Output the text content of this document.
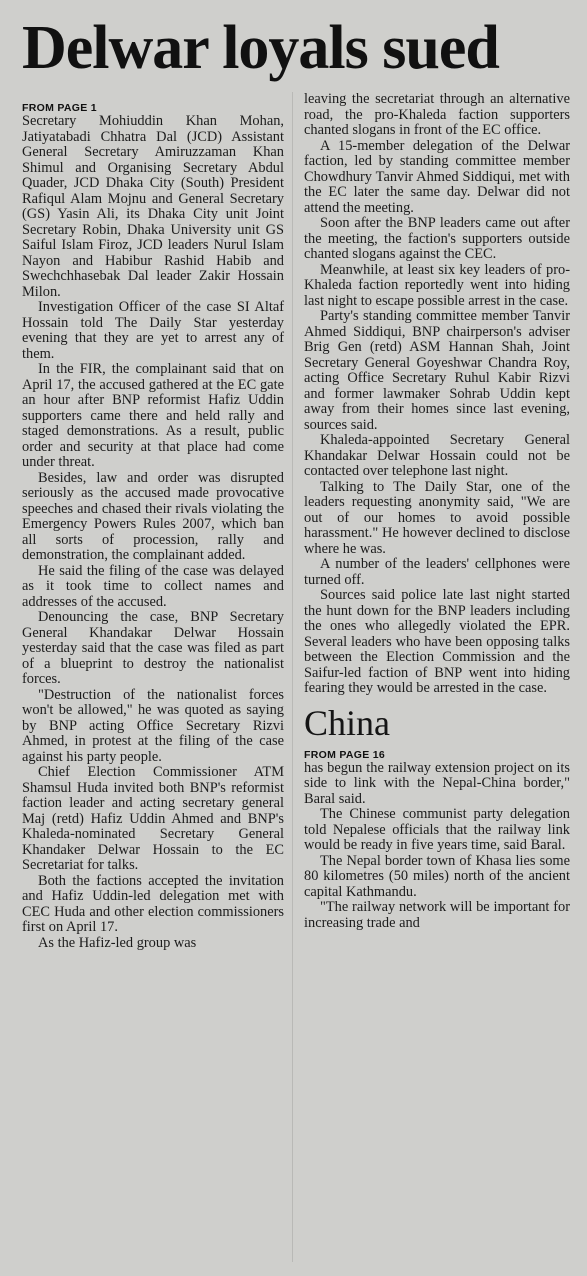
Delwar loyals sued
FROM PAGE 1

Secretary Mohiuddin Khan Mohan, Jatiyatabadi Chhatra Dal (JCD) Assistant General Secretary Amiruzzaman Khan Shimul and Organising Secretary Abdul Quader, JCD Dhaka City (South) President Rafiqul Alam Mojnu and General Secretary (GS) Yasin Ali, its Dhaka City unit Joint Secretary Robin, Dhaka University unit GS Saiful Islam Firoz, JCD leaders Nurul Islam Nayon and Habibur Rashid Habib and Swechchhasebak Dal leader Zakir Hossain Milon.

Investigation Officer of the case SI Altaf Hossain told The Daily Star yesterday evening that they are yet to arrest any of them.

In the FIR, the complainant said that on April 17, the accused gathered at the EC gate an hour after BNP reformist Hafiz Uddin supporters came there and held rally and staged demonstrations. As a result, public order and security at that place had come under threat.

Besides, law and order was disrupted seriously as the accused made provocative speeches and chased their rivals violating the Emergency Powers Rules 2007, which ban all sorts of procession, rally and demonstration, the complainant added.

He said the filing of the case was delayed as it took time to collect names and addresses of the accused.

Denouncing the case, BNP Secretary General Khandakar Delwar Hossain yesterday said that the case was filed as part of a blueprint to destroy the nationalist forces.

"Destruction of the nationalist forces won't be allowed," he was quoted as saying by BNP acting Office Secretary Rizvi Ahmed, in protest at the filing of the case against his party people.

Chief Election Commissioner ATM Shamsul Huda invited both BNP's reformist faction leader and acting secretary general Maj (retd) Hafiz Uddin Ahmed and BNP's Khaleda-nominated Secretary General Khandaker Delwar Hossain to the EC Secretariat for talks.

Both the factions accepted the invitation and Hafiz Uddin-led delegation met with CEC Huda and other election commissioners first on April 17.

As the Hafiz-led group was

leaving the secretariat through an alternative road, the pro-Khaleda faction supporters chanted slogans in front of the EC office.

A 15-member delegation of the Delwar faction, led by standing committee member Chowdhury Tanvir Ahmed Siddiqui, met with the EC later the same day. Delwar did not attend the meeting.

Soon after the BNP leaders came out after the meeting, the faction's supporters outside chanted slogans against the CEC.

Meanwhile, at least six key leaders of pro-Khaleda faction reportedly went into hiding last night to escape possible arrest in the case.

Party's standing committee member Tanvir Ahmed Siddiqui, BNP chairperson's adviser Brig Gen (retd) ASM Hannan Shah, Joint Secretary General Goyeshwar Chandra Roy, acting Office Secretary Ruhul Kabir Rizvi and former lawmaker Sohrab Uddin kept away from their homes since last evening, sources said.

Khaleda-appointed Secretary General Khandakar Delwar Hossain could not be contacted over telephone last night.

Talking to The Daily Star, one of the leaders requesting anonymity said, "We are out of our homes to avoid possible harassment." He however declined to disclose where he was.

A number of the leaders' cellphones were turned off.

Sources said police late last night started the hunt down for the BNP leaders including the ones who allegedly violated the EPR. Several leaders who have been opposing talks between the Election Commission and the Saifur-led faction of BNP went into hiding fearing they would be arrested in the case.

China
FROM PAGE 16

has begun the railway extension project on its side to link with the Nepal-China border," Baral said.

The Chinese communist party delegation told Nepalese officials that the railway link would be ready in five years time, said Baral.

The Nepal border town of Khasa lies some 80 kilometres (50 miles) north of the ancient capital Kathmandu.

"The railway network will be important for increasing trade and
